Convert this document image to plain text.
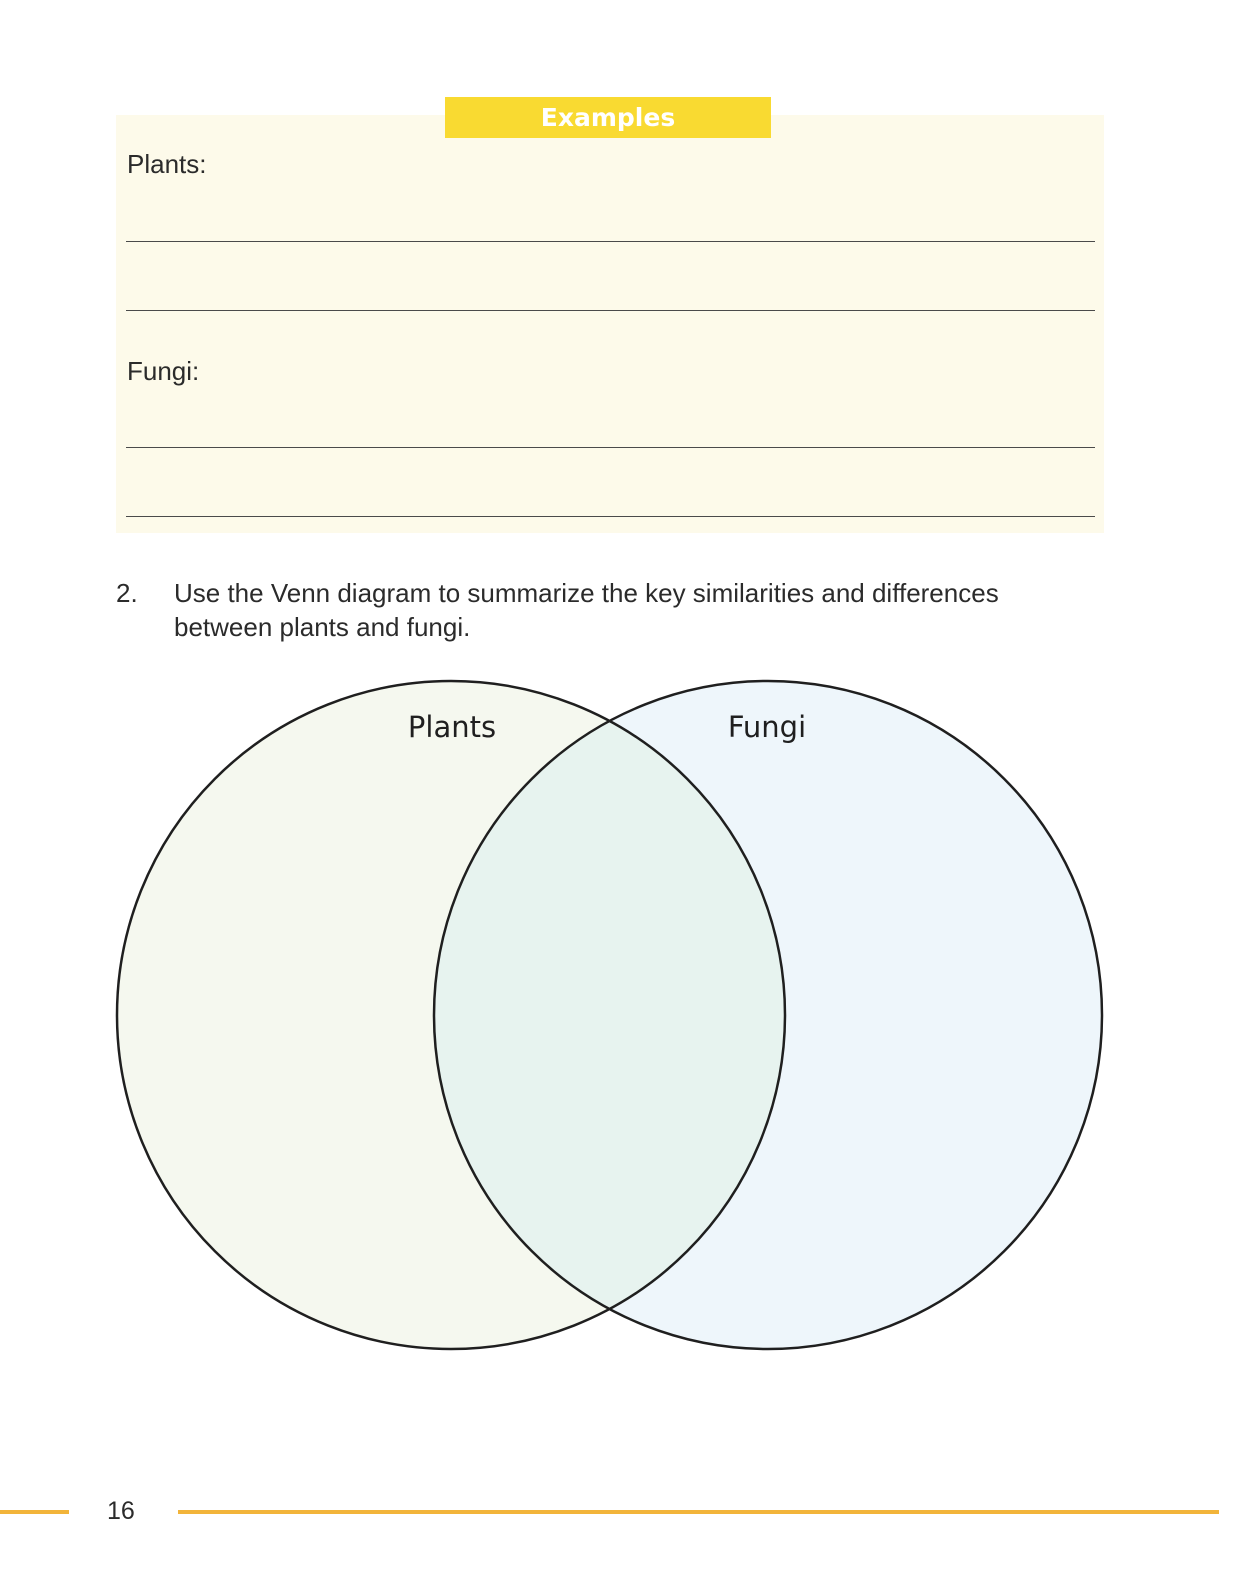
Examples
Plants:
Fungi:
2. Use the Venn diagram to summarize the key similarities and differences between plants and fungi.
Plants	Fungi
16
